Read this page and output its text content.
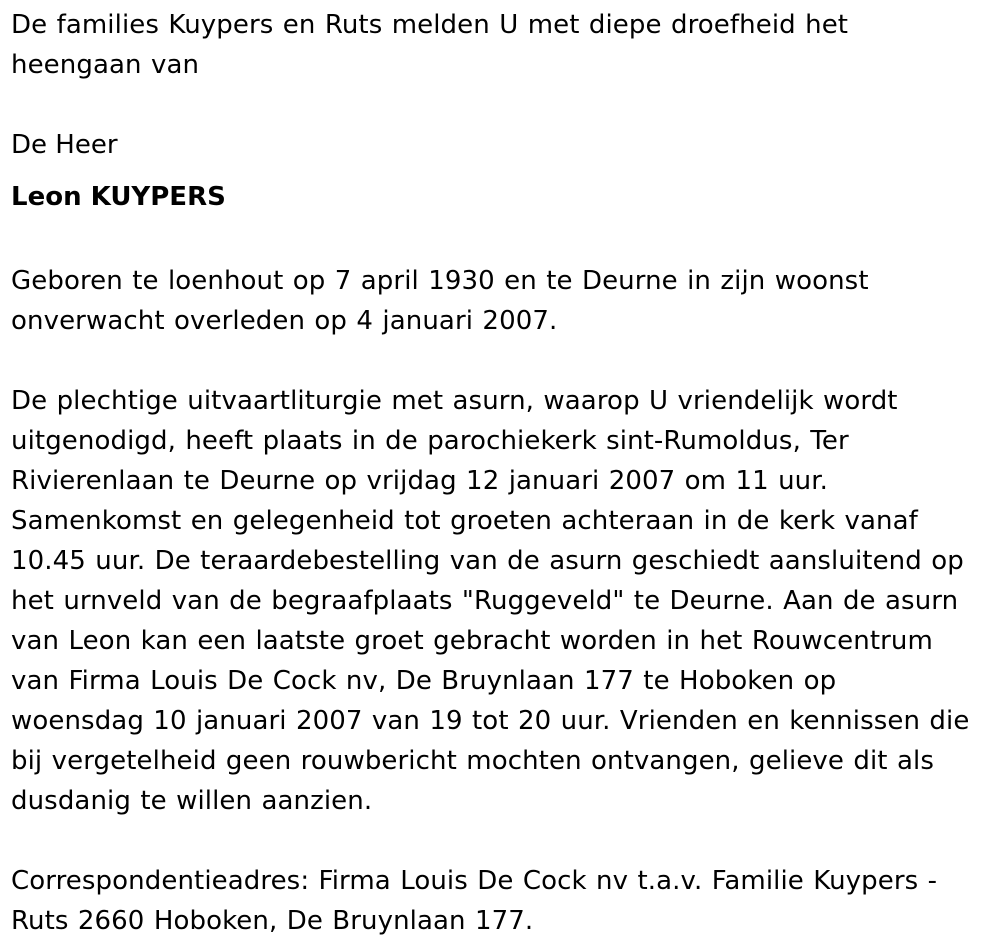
De families Kuypers en Ruts melden U met diepe droefheid het heengaan van

De Heer

Leon KUYPERS

Geboren te loenhout op 7 april 1930 en te Deurne in zijn woonst onverwacht overleden op 4 januari 2007.

De plechtige uitvaartliturgie met asurn, waarop U vriendelijk wordt uitgenodigd, heeft plaats in de parochiekerk sint-Rumoldus, Ter Rivierenlaan te Deurne op vrijdag 12 januari 2007 om 11 uur. Samenkomst en gelegenheid tot groeten achteraan in de kerk vanaf 10.45 uur. De teraardebestelling van de asurn geschiedt aansluitend op het urnveld van de begraafplaats "Ruggeveld" te Deurne. Aan de asurn van Leon kan een laatste groet gebracht worden in het Rouwcentrum van Firma Louis De Cock nv, De Bruynlaan 177 te Hoboken op woensdag 10 januari 2007 van 19 tot 20 uur. Vrienden en kennissen die bij vergetelheid geen rouwbericht mochten ontvangen, gelieve dit als dusdanig te willen aanzien.

Correspondentieadres: Firma Louis De Cock nv t.a.v. Familie Kuypers - Ruts 2660 Hoboken, De Bruynlaan 177.
